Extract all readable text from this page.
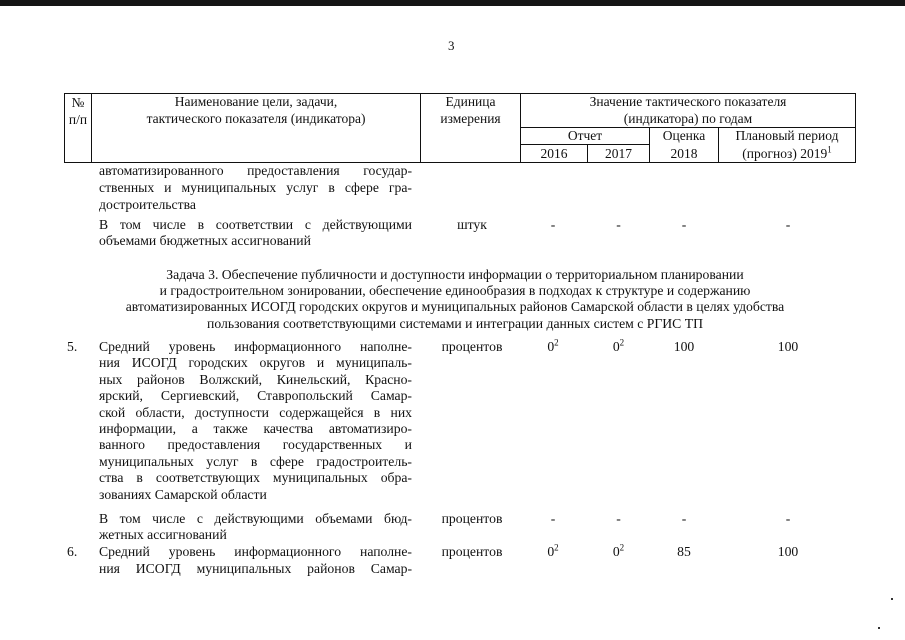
3
№ п/п
Наименование цели, задачи,
тактического показателя (индикатора)
Единица
измерения
Значение тактического показателя
(индикатора) по годам
Отчет	Оценка	Плановый период
2016	2017	2018	(прогноз) 2019$^1$
автоматизированного предоставления государ-
ственных и муниципальных услуг в сфере гра-
достроительства
В том числе в соответствии с действующими
объемами бюджетных ассигнований
штук	-	-	-	-
Задача 3. Обеспечение публичности и доступности информации о территориальном планировании
и градостроительном зонировании, обеспечение единообразия в подходах к структуре и содержанию
автоматизированных ИСОГД городских округов и муниципальных районов Самарской области в целях удобства
пользования соответствующими системами и интеграции данных систем с РГИС ТП
5. Средний уровень информационного наполне-
ния ИСОГД городских округов и муниципаль-
ных районов Волжский, Кинельский, Красно-
ярский, Сергиевский, Ставропольский Самар-
ской области, доступности содержащейся в них
информации, а также качества автоматизиро-
ванного предоставления государственных и
муниципальных услуг в сфере градостроитель-
ства в соответствующих муниципальных обра-
зованиях Самарской области
процентов	$0^2$	$0^2$	100	100
В том числе с действующими объемами бюд-
жетных ассигнований
процентов	-	-	-	-
6. Средний уровень информационного наполне-
ния ИСОГД муниципальных районов Самар-
процентов	$0^2$	$0^2$	85	100
